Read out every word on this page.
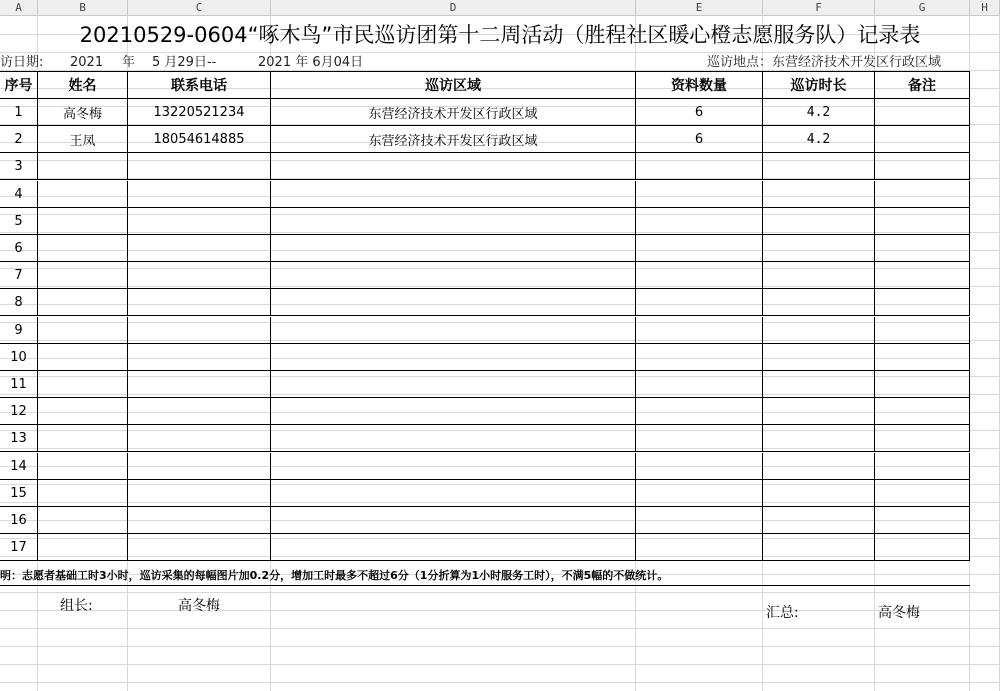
A	B	C	D	E	F	G	H
20210529-0604“啄木鸟”市民巡访团第十二周活动（胜程社区暖心橙志愿服务队）记录表
访日期: 2021 年 5 月29日--	2021 年 6月04日	巡访地点：东营经济技术开发区行政区域
序号	姓名	联系电话	巡访区域	资料数量	巡访时长	备注
1	高冬梅	13220521234	东营经济技术开发区行政区域	6	4.2
2	王凤	18054614885	东营经济技术开发区行政区域	6	4.2
3
4
5
6
7
8
9
10
11
12
13
14
15
16
17
明：志愿者基础工时3小时，巡访采集的每幅图片加0.2分，增加工时最多不超过6分（1分折算为1小时服务工时），不满5幅的不做统计。
组长:	高冬梅	汇总:	高冬梅
